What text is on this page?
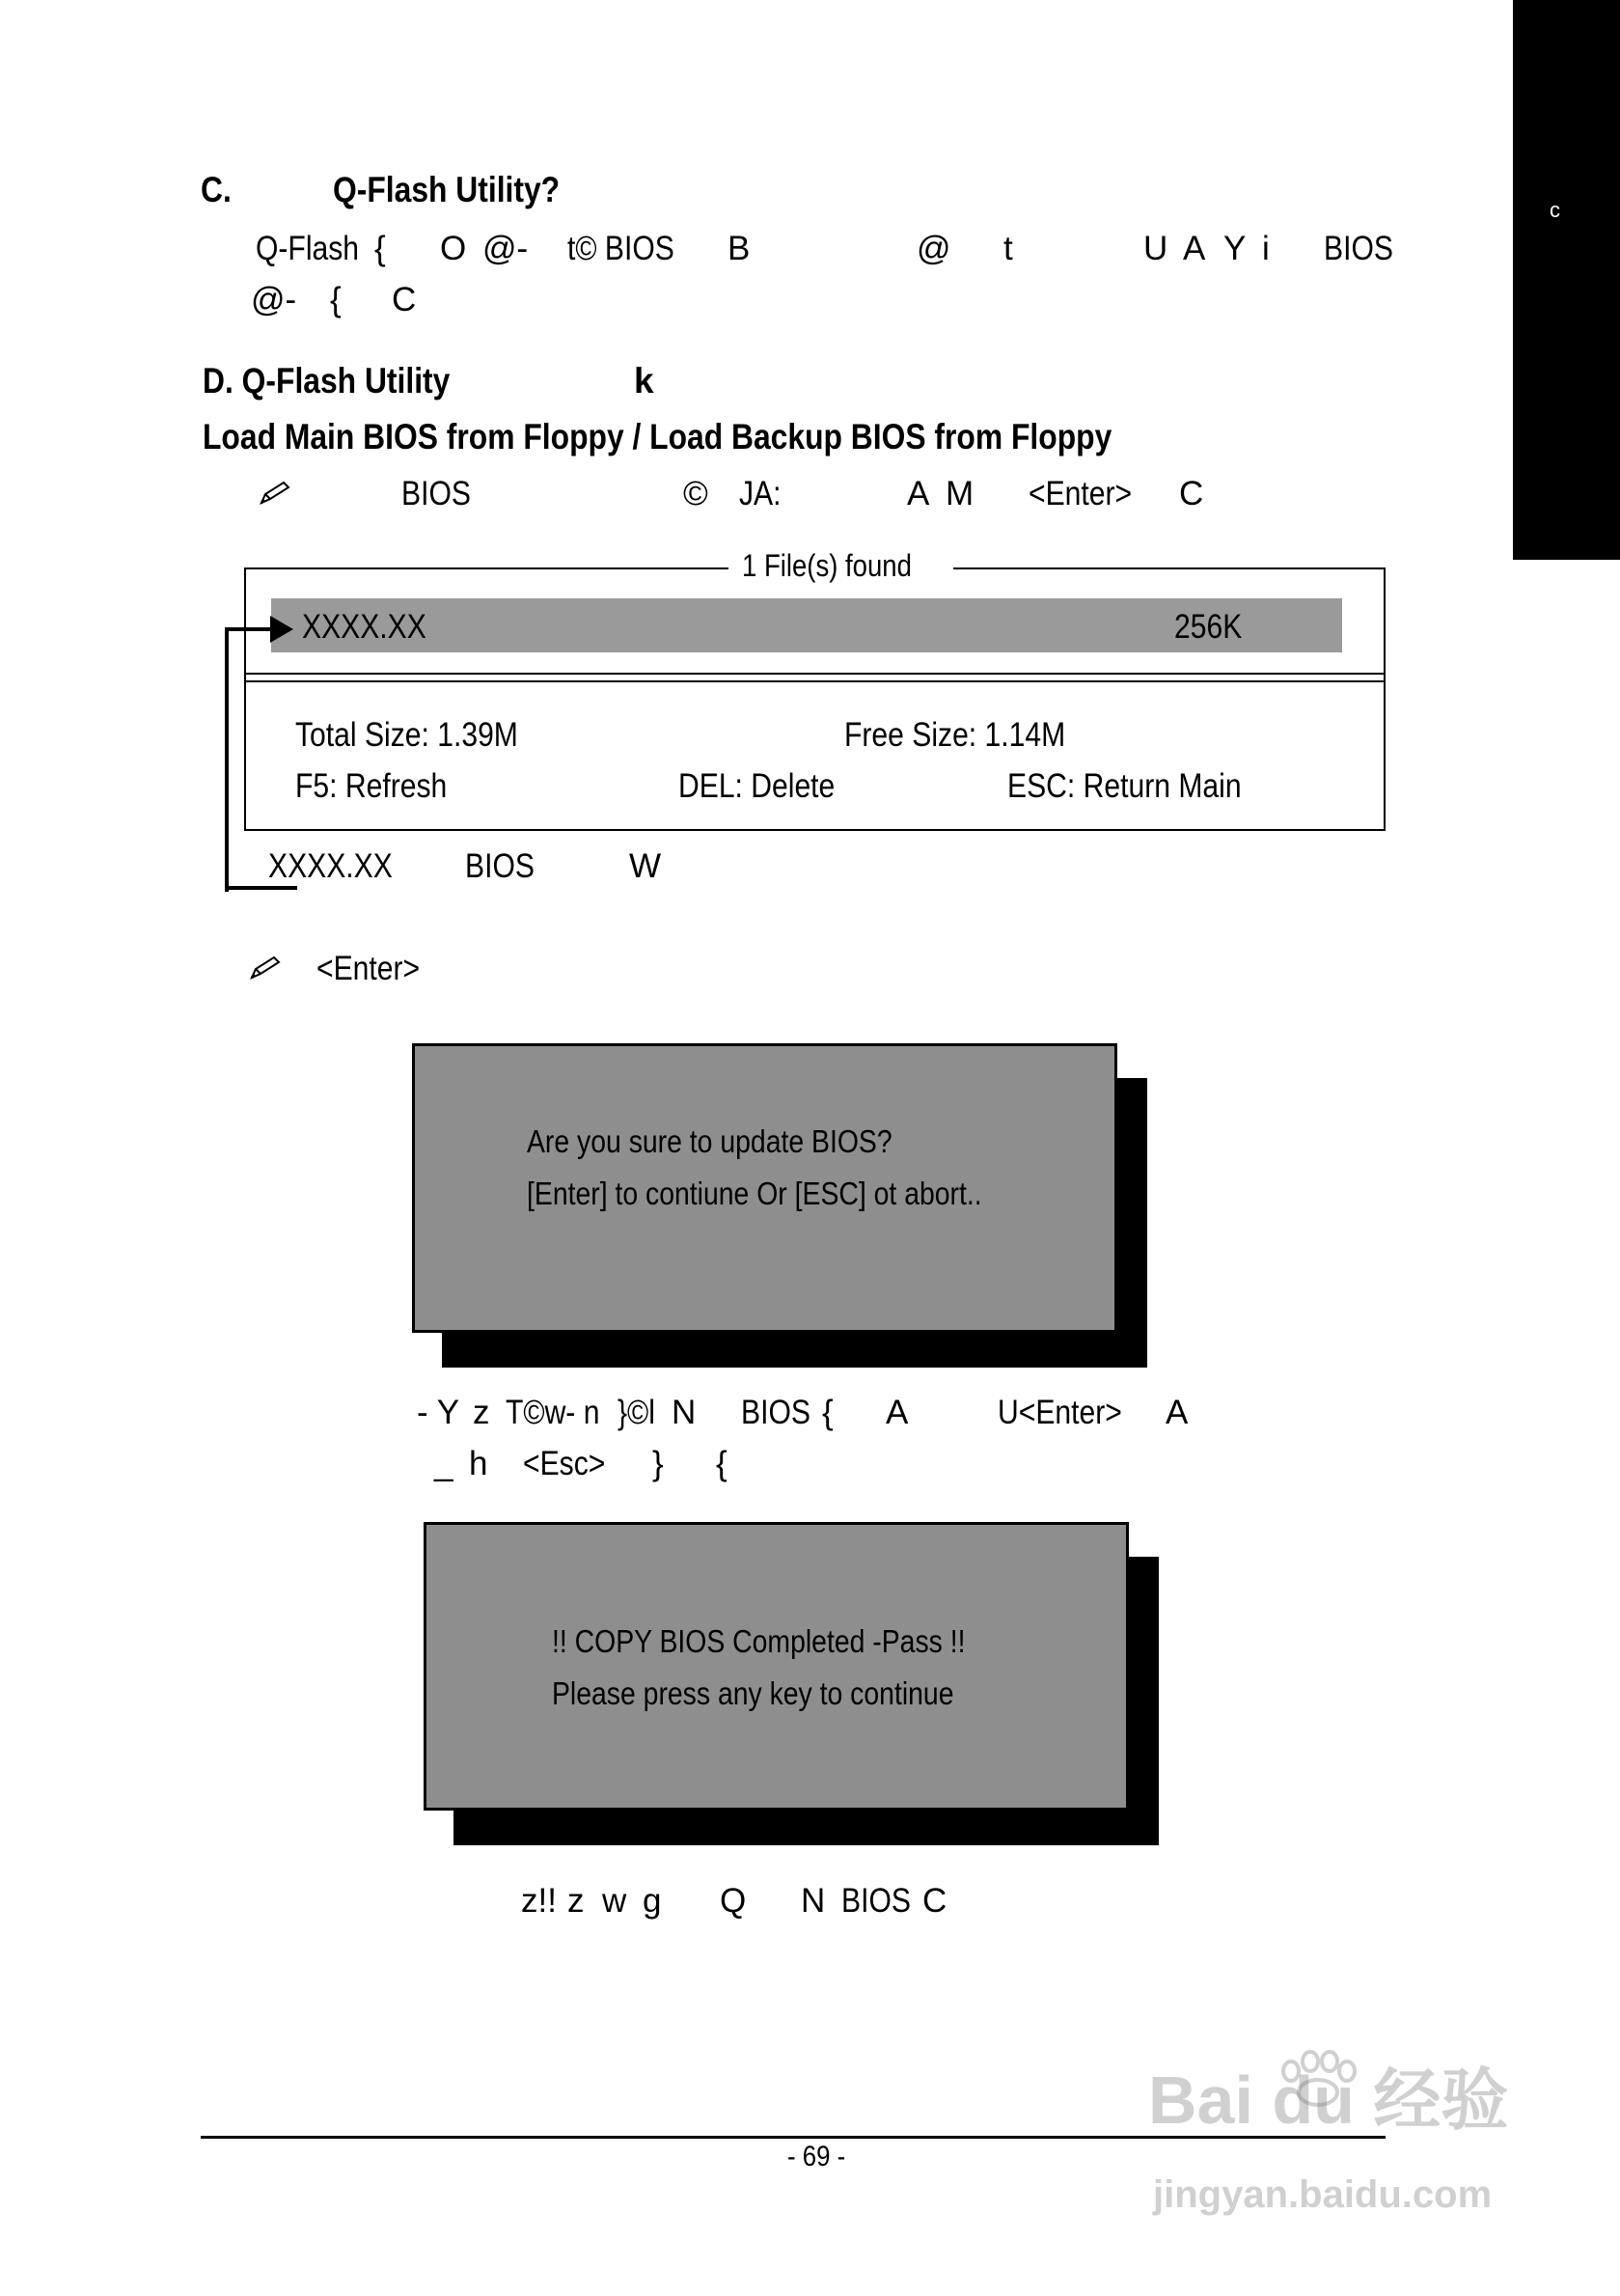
c
C.	Q-Flash Utility?
Q-Flash { O @- t© BIOS B	@ t	U A Y i BIOS
@- { C
D. Q-Flash Utility	k
Load Main BIOS from Floppy / Load Backup BIOS from Floppy
BIOS	© JA:	A M <Enter> C
1 File(s) found
XXXX.XX	256K
Total Size: 1.39M	Free Size: 1.14M
F5: Refresh	DEL: Delete	ESC: Return Main
XXXX.XX BIOS	W
<Enter>
Are you sure to update BIOS?
[Enter] to contiune Or [ESC] ot abort..
- Y z T©w- n }©l N BIOS { A	U<Enter> A
_ h <Esc> } {
!! COPY BIOS Completed -Pass !!
Please press any key to continue
z!! z w g Q N BIOS C
- 69 -
Bai du 经验
jingyan.baidu.com
